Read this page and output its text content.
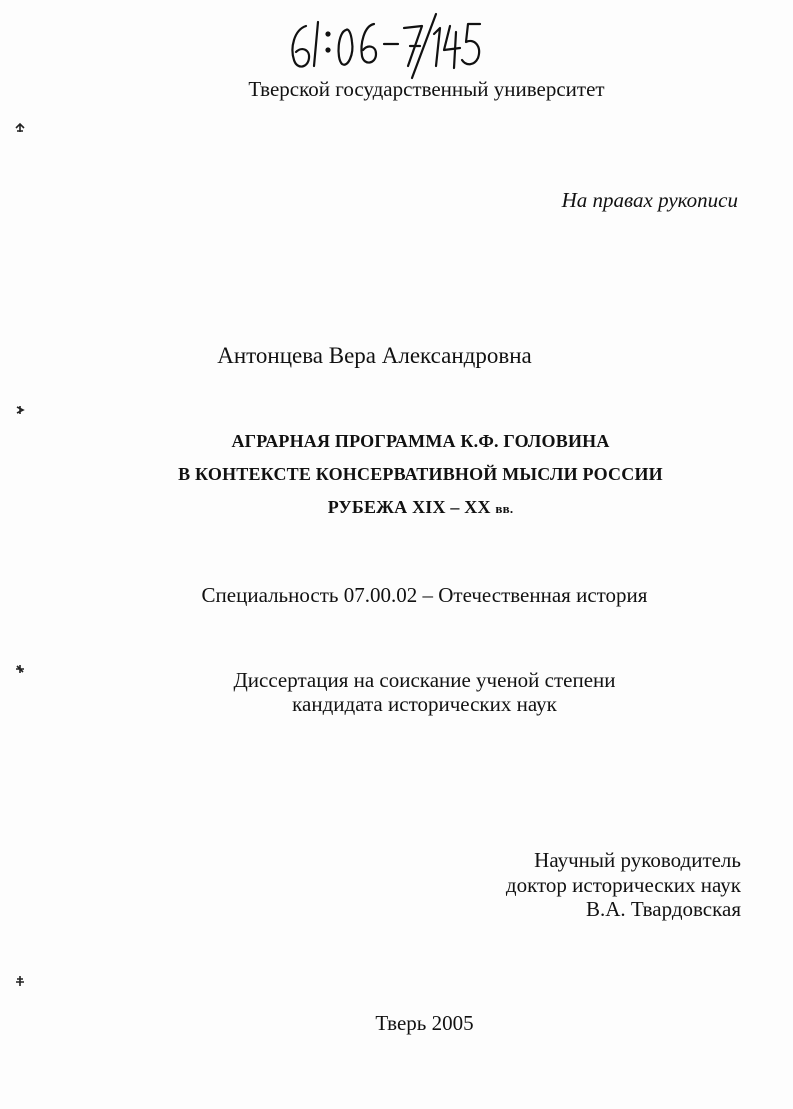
Тверской государственный университет
На правах рукописи
Антонцева Вера Александровна
АГРАРНАЯ ПРОГРАММА К.Ф. ГОЛОВИНА
В КОНТЕКСТЕ КОНСЕРВАТИВНОЙ МЫСЛИ РОССИИ
РУБЕЖА XIX – XX вв.
Специальность 07.00.02 – Отечественная история
Диссертация на соискание ученой степени
кандидата исторических наук
Научный руководитель
доктор исторических наук
В.А. Твардовская
Тверь 2005
